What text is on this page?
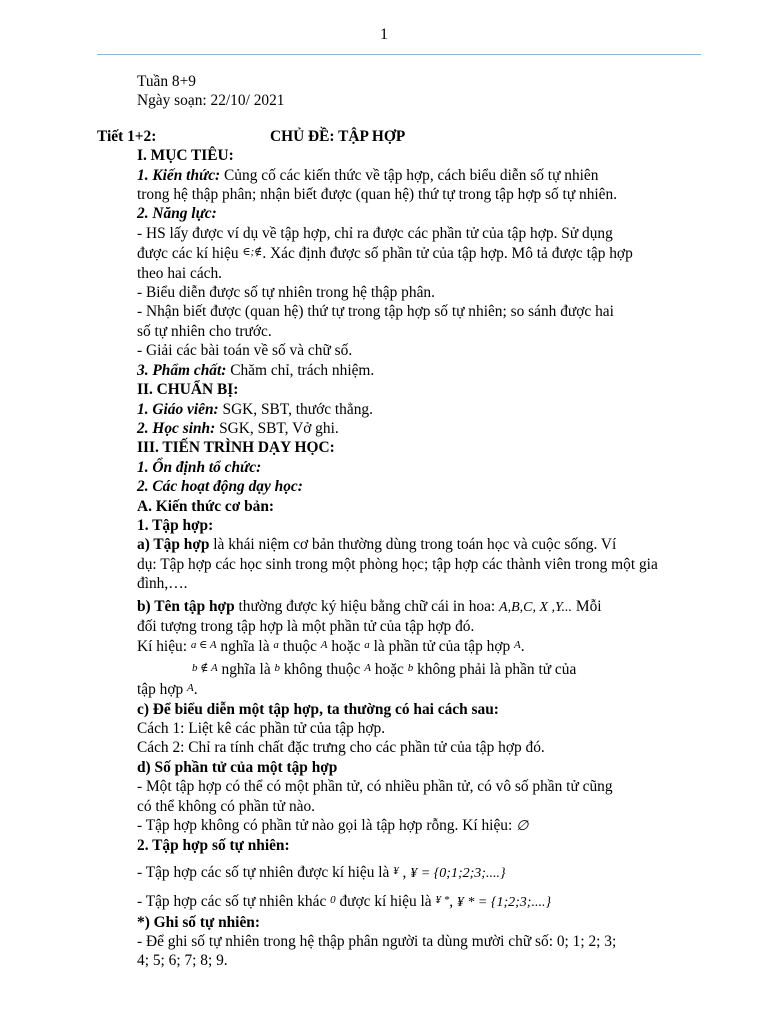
1

Tuần 8+9

Ngày soạn: 22/10/ 2021

Tiết 1+2:	CHỦ ĐỀ: TẬP HỢP

I. MỤC TIÊU:

1. Kiến thức: Củng cố các kiến thức về tập hợp, cách biểu diễn số tự nhiên

trong hệ thập phân; nhận biết được (quan hệ) thứ tự trong tập hợp số tự nhiên.

2. Năng lực:

- HS lấy được ví dụ về tập hợp, chỉ ra được các phần tử của tập hợp. Sử dụng

được các kí hiệu ∈;∉. Xác định được số phần tử của tập hợp. Mô tả được tập hợp

theo hai cách.

- Biểu diễn được số tự nhiên trong hệ thập phân.

- Nhận biết được (quan hệ) thứ tự trong tập hợp số tự nhiên; so sánh được hai

số tự nhiên cho trước.

- Giải các bài toán về số và chữ số.

3. Phẩm chất: Chăm chỉ, trách nhiệm.

II. CHUẨN BỊ:

1. Giáo viên: SGK, SBT, thước thẳng.

2. Học sinh: SGK, SBT, Vở ghi.

III. TIẾN TRÌNH DẠY HỌC:

1. Ổn định tổ chức:

2. Các hoạt động dạy học:

A. Kiến thức cơ bản:

1. Tập hợp:

a) Tập hợp là khái niệm cơ bản thường dùng trong toán học và cuộc sống. Ví

dụ: Tập hợp các học sinh trong một phòng học; tập hợp các thành viên trong một gia

đình,….

b) Tên tập hợp thường được ký hiệu bằng chữ cái in hoa: A,B,C, X ,Y... Mỗi

đối tượng trong tập hợp là một phần tử của tập hợp đó.

Kí hiệu: a ∈ A nghĩa là a thuộc A hoặc a là phần tử của tập hợp A.

b ∉ A nghĩa là b không thuộc A hoặc b không phải là phần tử của

tập hợp A.

c) Để biểu diễn một tập hợp, ta thường có hai cách sau:

Cách 1: Liệt kê các phần tử của tập hợp.

Cách 2: Chỉ ra tính chất đặc trưng cho các phần tử của tập hợp đó.

d) Số phần tử của một tập hợp

- Một tập hợp có thể có một phần tử, có nhiều phần tử, có vô số phần tử cũng

có thể không có phần tử nào.

- Tập hợp không có phần tử nào gọi là tập hợp rỗng. Kí hiệu: ∅

2. Tập hợp số tự nhiên:

- Tập hợp các số tự nhiên được kí hiệu là ¥ , ¥ = {0;1;2;3;....}

- Tập hợp các số tự nhiên khác 0 được kí hiệu là ¥ *, ¥ * = {1;2;3;....}

*) Ghi số tự nhiên:

- Để ghi số tự nhiên trong hệ thập phân người ta dùng mười chữ số: 0; 1; 2; 3;

4; 5; 6; 7; 8; 9.
